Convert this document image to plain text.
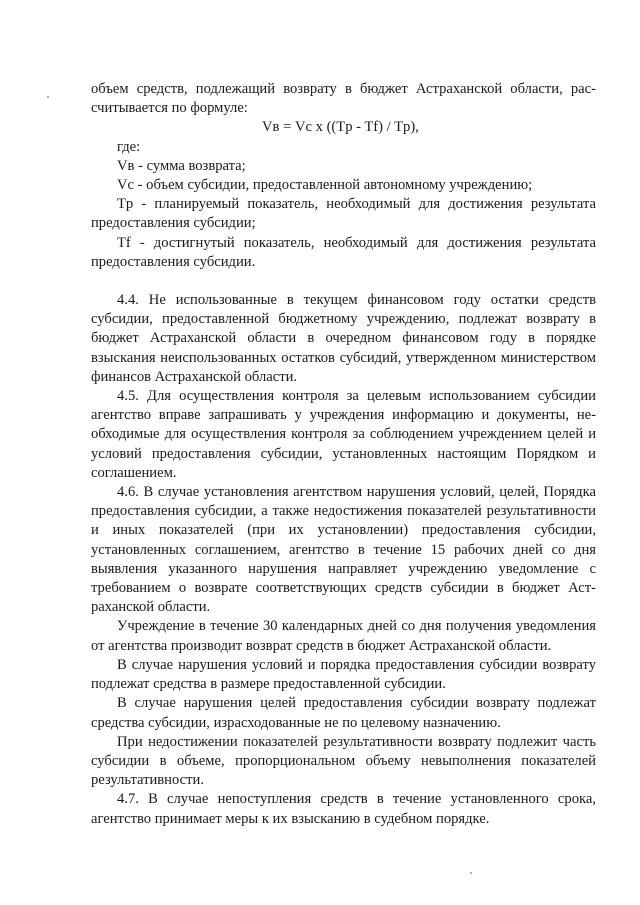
объем средств, подлежащий возврату в бюджет Астраханской области, рассчитывается по формуле:

Vв = Vc x ((Tp - Tf) / Tp),

где:

Vв - сумма возврата;

Vc - объем субсидии, предоставленной автономному учреждению;

Tp - планируемый показатель, необходимый для достижения результата предоставления субсидии;

Tf - достигнутый показатель, необходимый для достижения результата предоставления субсидии.

4.4. Не использованные в текущем финансовом году остатки средств субсидии, предоставленной бюджетному учреждению, подлежат возврату в бюджет Астраханской области в очередном финансовом году в порядке взыскания неиспользованных остатков субсидий, утвержденном министерством финансов Астраханской области.

4.5. Для осуществления контроля за целевым использованием субсидии агентство вправе запрашивать у учреждения информацию и документы, необходимые для осуществления контроля за соблюдением учреждением целей и условий предоставления субсидии, установленных настоящим Порядком и соглашением.

4.6. В случае установления агентством нарушения условий, целей, Порядка предоставления субсидии, а также недостижения показателей результативности и иных показателей (при их установлении) предоставления субсидии, установленных соглашением, агентство в течение 15 рабочих дней со дня выявления указанного нарушения направляет учреждению уведомление с требованием о возврате соответствующих средств субсидии в бюджет Астраханской области.

Учреждение в течение 30 календарных дней со дня получения уведомления от агентства производит возврат средств в бюджет Астраханской области.

В случае нарушения условий и порядка предоставления субсидии возврату подлежат средства в размере предоставленной субсидии.

В случае нарушения целей предоставления субсидии возврату подлежат средства субсидии, израсходованные не по целевому назначению.

При недостижении показателей результативности возврату подлежит часть субсидии в объеме, пропорциональном объему невыполнения показателей результативности.

4.7. В случае непоступления средств в течение установленного срока, агентство принимает меры к их взысканию в судебном порядке.
